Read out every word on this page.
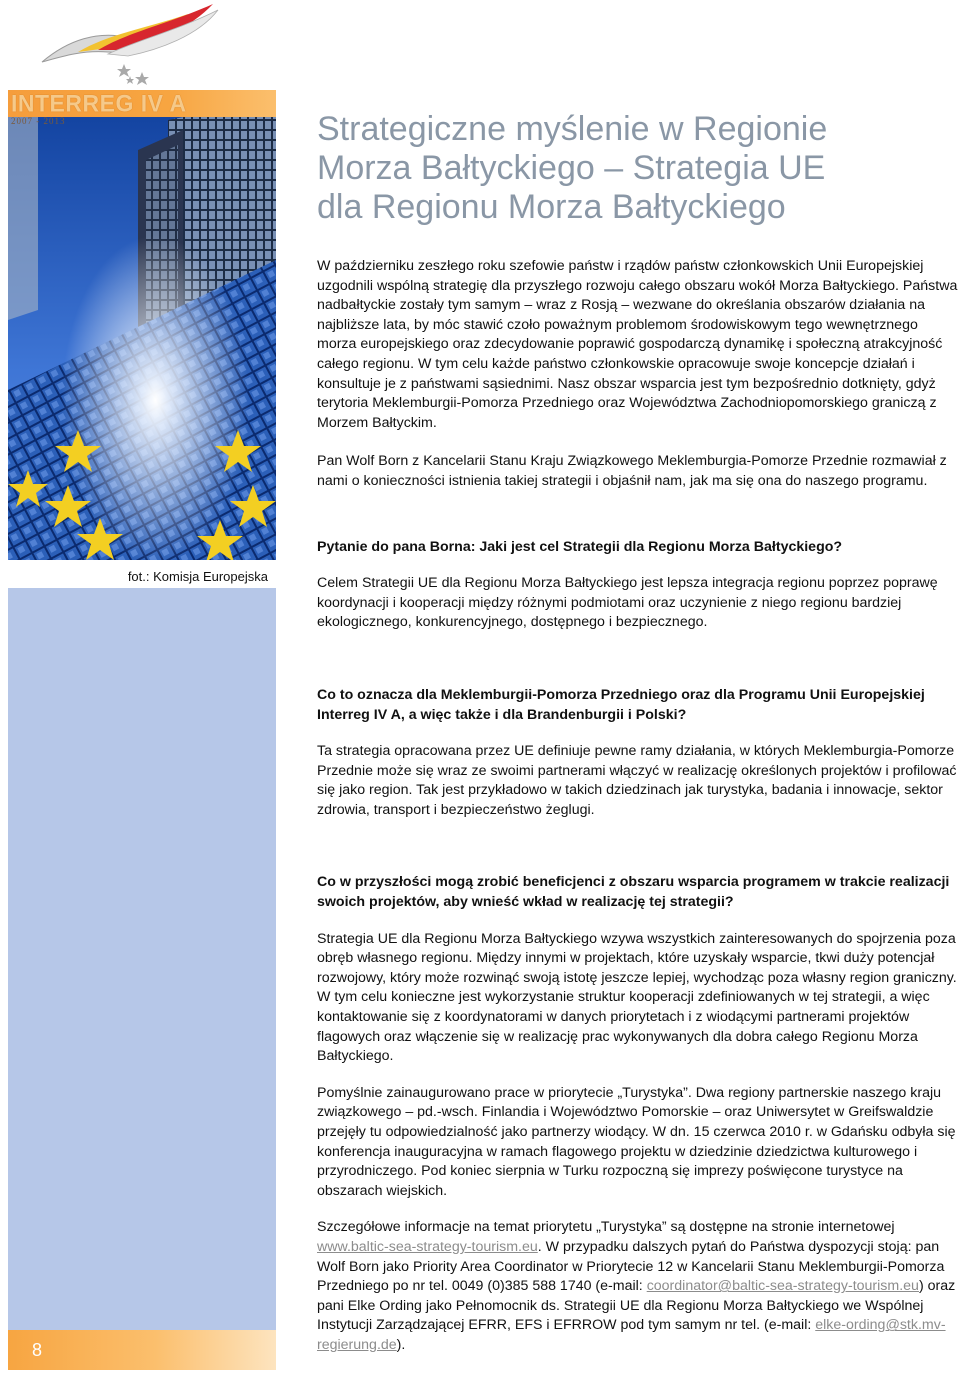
INTERREG IV A
2007 - 2013
fot.: Komisja Europejska
8
Strategiczne myślenie w Regionie
Morza Bałtyckiego – Strategia UE
dla Regionu Morza Bałtyckiego

W październiku zeszłego roku szefowie państw i rządów państw członkowskich Unii Europejskiej uzgodnili wspólną strategię dla przyszłego rozwoju całego obszaru wokół Morza Bałtyckiego. Państwa nadbałtyckie zostały tym samym – wraz z Rosją – wezwane do określania obszarów działania na najbliższe lata, by móc stawić czoło poważnym problemom środowiskowym tego wewnętrznego morza europejskiego oraz zdecydowanie poprawić gospodarczą dynamikę i społeczną atrakcyjność całego regionu. W tym celu każde państwo członkowskie opracowuje swoje koncepcje działań i konsultuje je z państwami sąsiednimi. Nasz obszar wsparcia jest tym bezpośrednio dotknięty, gdyż terytoria Meklemburgii-Pomorza Przedniego oraz Województwa Zachodniopomorskiego graniczą z Morzem Bałtyckim.

Pan Wolf Born z Kancelarii Stanu Kraju Związkowego Meklemburgia-Pomorze Przednie rozmawiał z nami o konieczności istnienia takiej strategii i objaśnił nam, jak ma się ona do naszego programu.

Pytanie do pana Borna: Jaki jest cel Strategii dla Regionu Morza Bałtyckiego?

Celem Strategii UE dla Regionu Morza Bałtyckiego jest lepsza integracja regionu poprzez poprawę koordynacji i kooperacji między różnymi podmiotami oraz uczynienie z niego regionu bardziej ekologicznego, konkurencyjnego, dostępnego i bezpiecznego.

Co to oznacza dla Meklemburgii-Pomorza Przedniego oraz dla Programu Unii Europejskiej Interreg IV A, a więc także i dla Brandenburgii i Polski?

Ta strategia opracowana przez UE definiuje pewne ramy działania, w których Meklemburgia-Pomorze Przednie może się wraz ze swoimi partnerami włączyć w realizację określonych projektów i profilować się jako region. Tak jest przykładowo w takich dziedzinach jak turystyka, badania i innowacje, sektor zdrowia, transport i bezpieczeństwo żeglugi.

Co w przyszłości mogą zrobić beneficjenci z obszaru wsparcia programem w trakcie realizacji swoich projektów, aby wnieść wkład w realizację tej strategii?

Strategia UE dla Regionu Morza Bałtyckiego wzywa wszystkich zainteresowanych do spojrzenia poza obręb własnego regionu. Między innymi w projektach, które uzyskały wsparcie, tkwi duży potencjał rozwojowy, który może rozwinąć swoją istotę jeszcze lepiej, wychodząc poza własny region graniczny. W tym celu konieczne jest wykorzystanie struktur kooperacji zdefiniowanych w tej strategii, a więc kontaktowanie się z koordynatorami w danych priorytetach i z wiodącymi partnerami projektów flagowych oraz włączenie się w realizację prac wykonywanych dla dobra całego Regionu Morza Bałtyckiego.

Pomyślnie zainaugurowano prace w priorytecie „Turystyka”. Dwa regiony partnerskie naszego kraju związkowego – pd.-wsch. Finlandia i Województwo Pomorskie – oraz Uniwersytet w Greifswaldzie przejęły tu odpowiedzialność jako partnerzy wiodący. W dn. 15 czerwca 2010 r. w Gdańsku odbyła się konferencja inauguracyjna w ramach flagowego projektu w dziedzinie dziedzictwa kulturowego i przyrodniczego. Pod koniec sierpnia w Turku rozpoczną się imprezy poświęcone turystyce na obszarach wiejskich.

Szczegółowe informacje na temat priorytetu „Turystyka” są dostępne na stronie internetowej www.baltic-sea-strategy-tourism.eu. W przypadku dalszych pytań do Państwa dyspozycji stoją: pan Wolf Born jako Priority Area Coordinator w Priorytecie 12 w Kancelarii Stanu Meklemburgii-Pomorza Przedniego po nr tel. 0049 (0)385 588 1740 (e-mail: coordinator@baltic-sea-strategy-tourism.eu) oraz pani Elke Ording jako Pełnomocnik ds. Strategii UE dla Regionu Morza Bałtyckiego we Wspólnej Instytucji Zarządzającej EFRR, EFS i EFRROW pod tym samym nr tel. (e-mail: elke-ording@stk.mv-regierung.de).
